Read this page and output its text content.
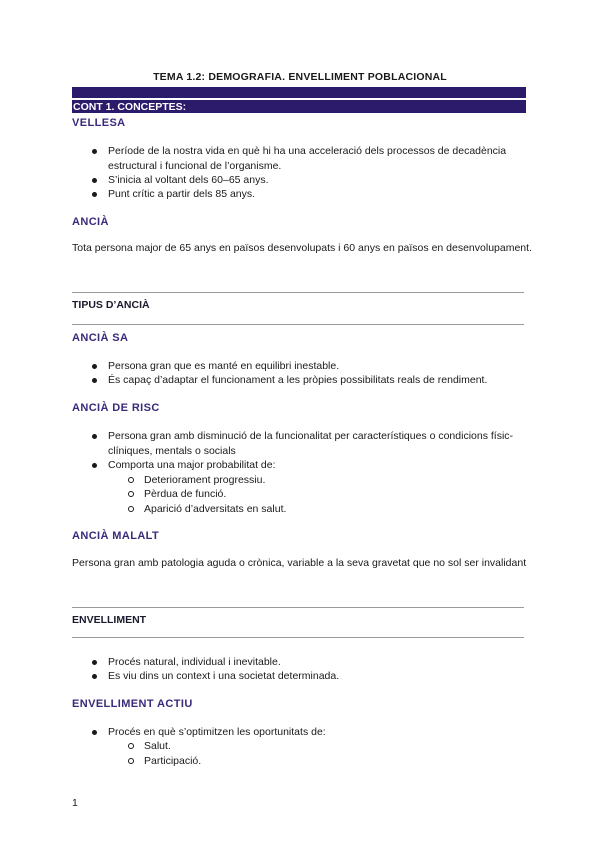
TEMA 1.2: DEMOGRAFIA. ENVELLIMENT POBLACIONAL
CONT 1. CONCEPTES:
VELLESA
Període de la nostra vida en què hi ha una acceleració dels processos de decadència estructural i funcional de l’organisme.
S’inicia al voltant dels 60–65 anys.
Punt crític a partir dels 85 anys.
ANCIÀ
Tota persona major de 65 anys en països desenvolupats i 60 anys en països en desenvolupament.
TIPUS D’ANCIÀ
ANCIÀ SA
Persona gran que es manté en equilibri inestable.
És capaç d’adaptar el funcionament a les pròpies possibilitats reals de rendiment.
ANCIÀ DE RISC
Persona gran amb disminució de la funcionalitat per característiques o condicions físic-clíniques, mentals o socials
Comporta una major probabilitat de:
Deteriorament progressiu.
Pèrdua de funció.
Aparició d’adversitats en salut.
ANCIÀ MALALT
Persona gran amb patologia aguda o crònica, variable a la seva gravetat que no sol ser invalidant
ENVELLIMENT
Procés natural, individual i inevitable.
Es viu dins un context i una societat determinada.
ENVELLIMENT ACTIU
Procés en què s’optimitzen les oportunitats de:
Salut.
Participació.
1
